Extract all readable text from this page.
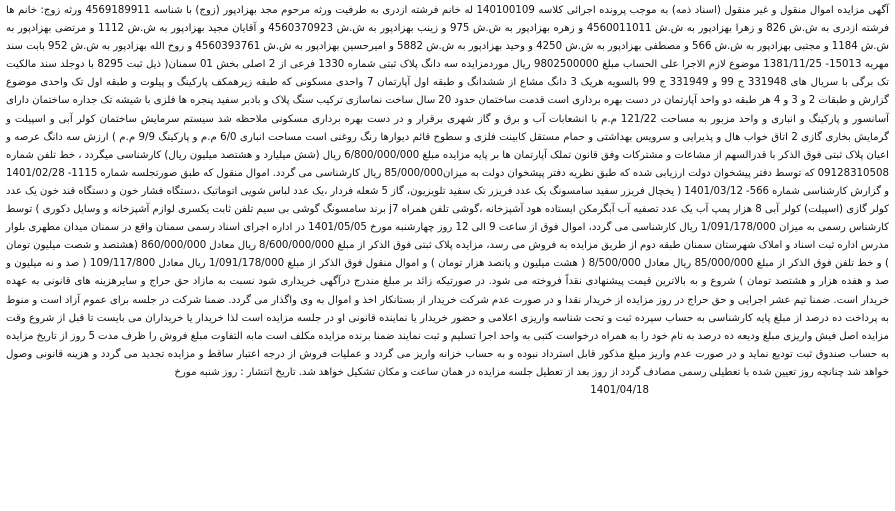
آگهی مزایده اموال منقول و غیر منقول (اسناد ذمه) به موجب پرونده اجرائی کلاسه 140100109 له خانم فرشته ازدری به طرفیت ورثه مرحوم مجد بهزادپور (زوج) با شناسه 4569189911 ورثه زوج: خانم ها فرشته ازدری به ش.ش 826 و زهرا بهزادپور به ش.ش 4560011011 و زهره بهزادپور به ش.ش 975 و زینب بهزادپور به ش.ش 4560370923 و آقایان مجید بهزادپور به ش.ش 1112 و مرتضی بهزادپور به ش.ش 1184 و مجتبی بهزادپور به ش.ش 566 و مصطفی بهزادپور به ش.ش 4250 و وحید بهزادپور به ش.ش 5882 و امیرحسین بهزادپور به ش.ش 4560393761 و روح الله بهزادپور به ش.ش 952 بابت سند مهریه 15013- 1381/11/25 موضوع لازم الاجرا علی الحساب مبلغ 9802500000 ریال موردمزایده سه دانگ پلاک ثبتی شماره 1330 فرعی از 2 اصلی بخش 01 سمنان( ذیل ثبت 8295 با دوجلد سند مالکیت تک برگی با سریال های 331948 ج 99 و 331949 ج 99 بالسویه هریک 3 دانگ مشاع از ششدانگ و طبقه اول آپارتمان 7 واحدی مسکونی که طبقه زیرهمکف پارکینگ و پیلوت و طبقه اول تک واحدی موضوع گزارش و طبقات 2 و 3 و 4 هر طبقه دو واحد آپارتمان در دست بهره برداری است قدمت ساختمان حدود 20 سال ساخت نماسازی ترکیب سنگ پلاک و بادبر سفید پنجره ها فلزی با شیشه تک جداره ساختمان دارای آسانسور و پارکینگ و انباری و واحد مزبور به مساحت 121/22 م.م با انشعابات آب و برق و گاز شهری برقرار و در دست بهره برداری مسکونی ملاحظه شد سیستم سرمایش ساختمان کولر آبی و اسپیلت و گرمایش بخاری گازی 2 اتاق خواب هال و پذیرایی و سرویس بهداشتی و حمام مستقل کابینت فلزی و سطوح قائم دیوارها رنگ روغنی است مساحت انباری 6/0 م.م و پارکینگ 9/9 م.م ) ارزش سه دانگ عرصه و اعیان پلاک ثبتی فوق الذکر با قدرالسهم از مشاعات و مشترکات وفق قانون تملک آپارتمان ها بر پایه مزایده مبلغ 6/800/000/000 ریال (شش میلیارد و هشتصد میلیون ریال) کارشناسی میگردد ، خط تلفن شماره 09128310508 که توسط دفتر پیشخوان دولت ارزیابی شده که طبق نظریه دفتر پیشخوان دولت به میزان85/000/000 ریال کارشناسی می گردد. اموال منقول که طبق صورتجلسه شماره 1115- 1401/02/28 و گزارش کارشناسی شماره 566- 1401/03/12 ( یخچال فریزر سفید سامسونگ یک عدد فریزر تک سفید تلویزیون، گاز 5 شعله فردار ،یک عدد لباس شویی اتوماتیک ،دستگاه فشار خون و دستگاه قند خون یک عدد کولر گازی (اسپیلت) کولر آبی 8 هزار پمپ آب یک عدد تصفیه آب آبگرمکن ایستاده هود آشپزخانه ،گوشی تلفن همراه j7 برند سامسونگ گوشی بی سیم تلفن ثابت یکسری لوازم آشپزخانه و وسایل دکوری ) توسط کارشناس رسمی به میزان 1/091/178/000 ریال کارشناسی می گردد، اموال فوق از ساعت 9 الی 12 روز چهارشنبه مورخ 1401/05/05 در اداره اجرای اسناد رسمی سمنان واقع در سمنان میدان مطهری بلوار مدرس اداره ثبت اسناد و املاک شهرستان سمنان طبقه دوم از طریق مزایده به فروش می رسد، مزایده پلاک ثبتی فوق الذکر از مبلغ 8/600/000/000 ریال معادل 860/000/000 (هشتصد و شصت میلیون تومان ) و خط تلفن فوق الذکر از مبلغ 85/000/000 ریال معادل 8/500/000 ( هشت میلیون و پانصد هزار تومان ) و اموال منقول فوق الذکر از مبلغ 1/091/178/000 ریال معادل 109/117/800 ( صد و نه میلیون و صد و هفده هزار و هشتصد تومان ) شروع و به بالاترین قیمت پیشنهادی نقداً فروخته می شود. در صورتیکه زائد بر مبلغ مندرج درآگهی خریداری شود نسبت به مازاد حق حراج و سایرهزینه های قانونی به عهده خریدار است. ضمنا تیم عشر اجرایی و حق حراج در روز مزایده از خریدار نقدا و در صورت عدم شرکت خریدار از بستانکار اخذ و اموال به وی واگذار می گردد. ضمنا شرکت در جلسه برای عموم آزاد است و منوط به پرداخت ده درصد از مبلغ پایه کارشناسی به حساب سپرده ثبت و تحت شناسه واریزی اعلامی و حضور خریدار یا نماینده قانونی او در جلسه مزایده است لذا خریدار یا خریداران می بایست تا قبل از شروع وقت مزایده اصل فیش واریزی مبلغ ودیعه ده درصد به نام خود را به همراه درخواست کتبی به واحد اجرا تسلیم و ثبت نمایند ضمنا برنده مزایده مکلف است مابه التفاوت مبلغ فروش را ظرف مدت 5 روز از تاریخ مزایده به حساب صندوق ثبت تودیع نماید و در صورت عدم واریز مبلغ مذکور قابل استرداد نبوده و به حساب خزانه واریز می گردد و عملیات فروش از درجه اعتبار ساقط و مزایده تجدید می گردد و هزینه قانونی وصول خواهد شد چنانچه روز تعیین شده با تعطیلی رسمی مصادف گردد از روز بعد از تعطیل جلسه مزایده در همان ساعت و مکان تشکیل خواهد شد. تاریخ انتشار : روز شنبه مورخ

1401/04/18
